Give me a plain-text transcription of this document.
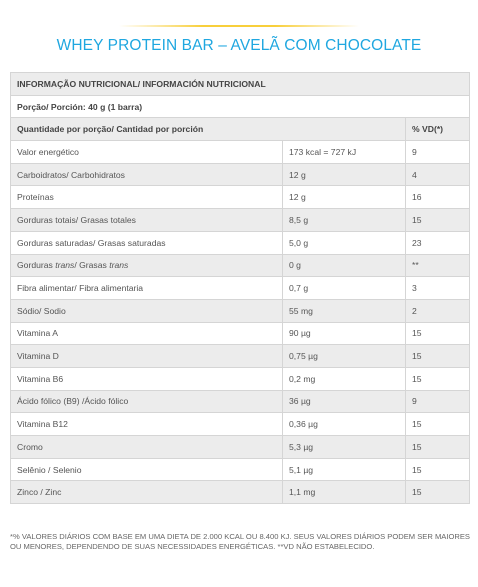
WHEY PROTEIN BAR – AVELÃ COM CHOCOLATE
INFORMAÇÃO NUTRICIONAL/ INFORMACIÓN NUTRICIONAL		
Porção/ Porción: 40 g (1 barra)		
Quantidade por porção/ Cantidad por porción		% VD(*)
Valor energético	173 kcal = 727 kJ	9
Carboidratos/ Carbohidratos	12 g	4
Proteínas	12 g	16
Gorduras totais/ Grasas totales	8,5 g	15
Gorduras saturadas/ Grasas saturadas	5,0 g	23
Gorduras trans/ Grasas trans	0 g	**
Fibra alimentar/ Fibra alimentaria	0,7 g	3
Sódio/ Sodio	55 mg	2
Vitamina A	90 µg	15
Vitamina D	0,75 µg	15
Vitamina B6	0,2 mg	15
Ácido fólico (B9) /Ácido fólico	36 µg	9
Vitamina B12	0,36 µg	15
Cromo	5,3 µg	15
Selênio / Selenio	5,1 µg	15
Zinco / Zinc	1,1 mg	15
*% VALORES DIÁRIOS COM BASE EM UMA DIETA DE 2.000 KCAL OU 8.400 KJ. SEUS VALORES DIÁRIOS PODEM SER MAIORES OU MENORES, DEPENDENDO DE SUAS NECESSIDADES ENERGÉTICAS. **VD NÃO ESTABELECIDO.
